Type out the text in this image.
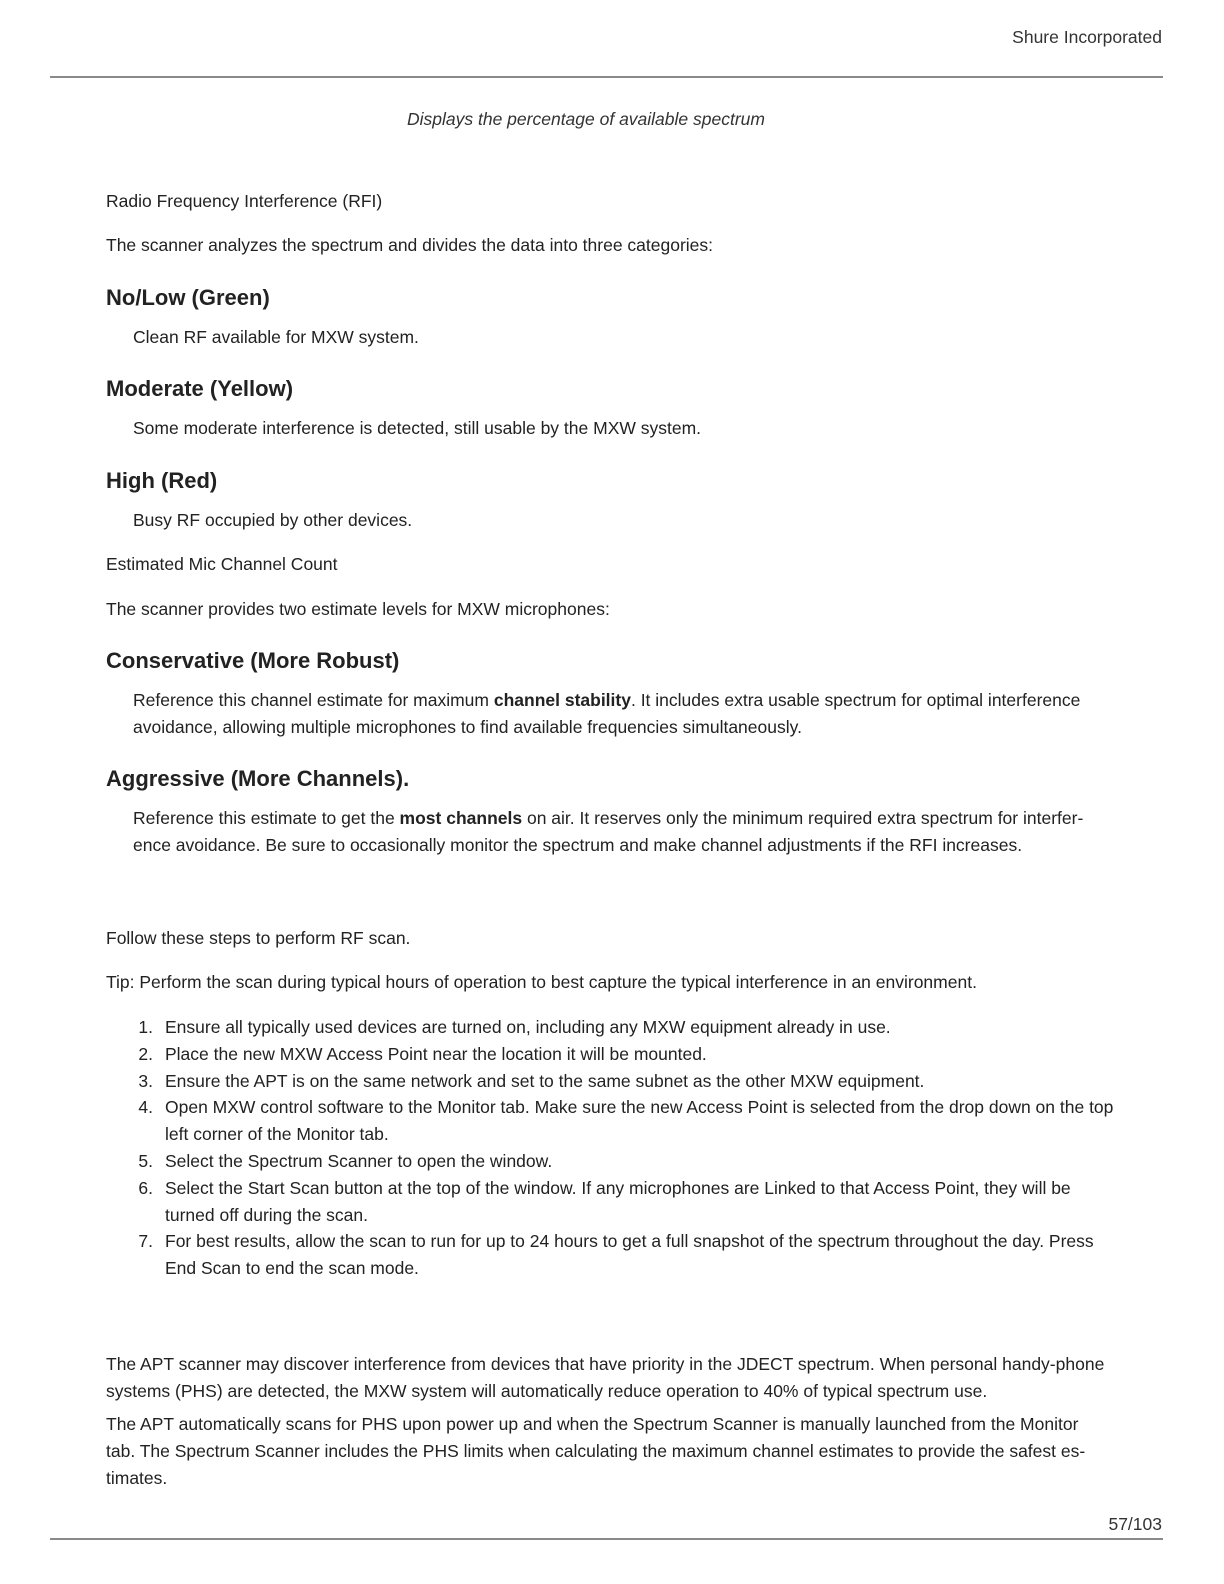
Shure Incorporated
Displays the percentage of available spectrum

Radio Frequency Interference (RFI)

The scanner analyzes the spectrum and divides the data into three categories:

No/Low (Green)

Clean RF available for MXW system.

Moderate (Yellow)

Some moderate interference is detected, still usable by the MXW system.

High (Red)

Busy RF occupied by other devices.

Estimated Mic Channel Count

The scanner provides two estimate levels for MXW microphones:

Conservative (More Robust)

Reference this channel estimate for maximum channel stability. It includes extra usable spectrum for optimal interference avoidance, allowing multiple microphones to find available frequencies simultaneously.

Aggressive (More Channels).

Reference this estimate to get the most channels on air. It reserves only the minimum required extra spectrum for interfer-ence avoidance. Be sure to occasionally monitor the spectrum and make channel adjustments if the RFI increases.

Follow these steps to perform RF scan.

Tip: Perform the scan during typical hours of operation to best capture the typical interference in an environment.

1. Ensure all typically used devices are turned on, including any MXW equipment already in use.
2. Place the new MXW Access Point near the location it will be mounted.
3. Ensure the APT is on the same network and set to the same subnet as the other MXW equipment.
4. Open MXW control software to the Monitor tab. Make sure the new Access Point is selected from the drop down on the top left corner of the Monitor tab.
5. Select the Spectrum Scanner to open the window.
6. Select the Start Scan button at the top of the window. If any microphones are Linked to that Access Point, they will be turned off during the scan.
7. For best results, allow the scan to run for up to 24 hours to get a full snapshot of the spectrum throughout the day. Press End Scan to end the scan mode.

The APT scanner may discover interference from devices that have priority in the JDECT spectrum. When personal handy-phone systems (PHS) are detected, the MXW system will automatically reduce operation to 40% of typical spectrum use.

The APT automatically scans for PHS upon power up and when the Spectrum Scanner is manually launched from the Monitor tab. The Spectrum Scanner includes the PHS limits when calculating the maximum channel estimates to provide the safest es-timates.

57/103
